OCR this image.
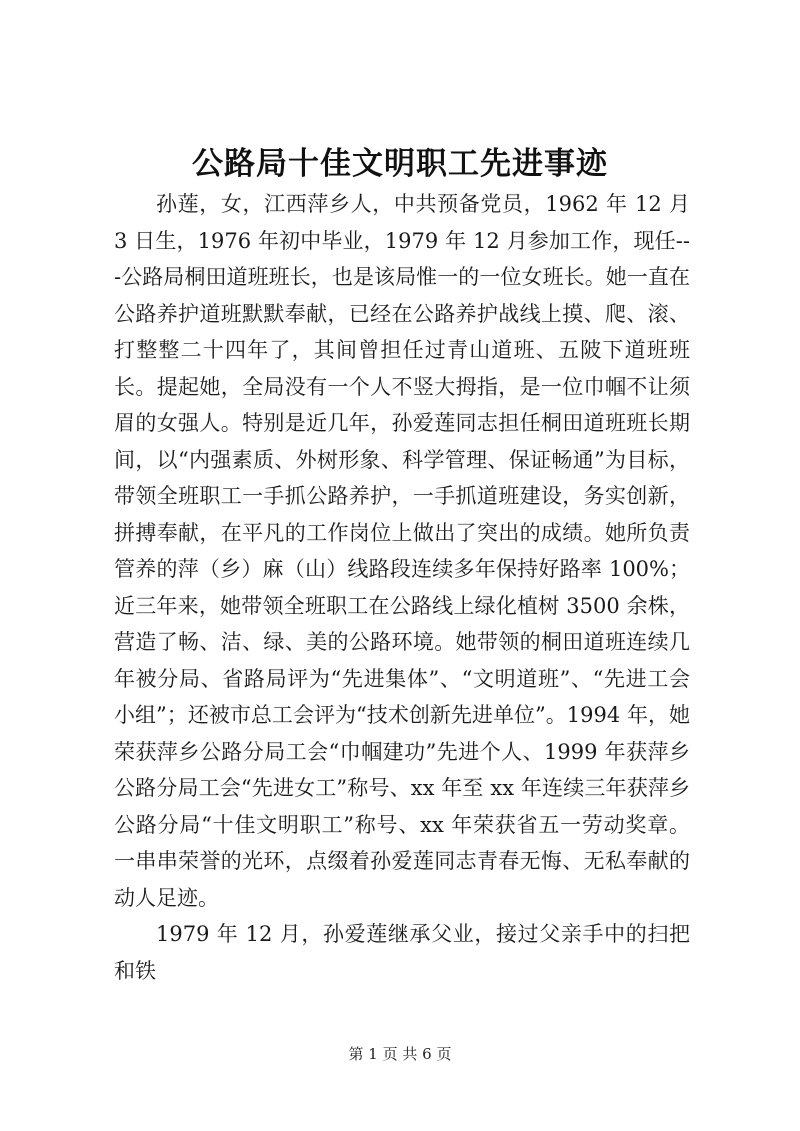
公路局十佳文明职工先进事迹

孙莲，女，江西萍乡人，中共预备党员，1962 年 12 月 3 日生，1976 年初中毕业，1979 年 12 月参加工作，现任---公路局桐田道班班长，也是该局惟一的一位女班长。她一直在公路养护道班默默奉献，已经在公路养护战线上摸、爬、滚、打整整二十四年了，其间曾担任过青山道班、五陂下道班班长。提起她，全局没有一个人不竖大拇指，是一位巾帼不让须眉的女强人。特别是近几年，孙爱莲同志担任桐田道班班长期间，以“内强素质、外树形象、科学管理、保证畅通”为目标，带领全班职工一手抓公路养护，一手抓道班建设，务实创新，拼搏奉献，在平凡的工作岗位上做出了突出的成绩。她所负责管养的萍（乡）麻（山）线路段连续多年保持好路率 100%；近三年来，她带领全班职工在公路线上绿化植树 3500 余株，营造了畅、洁、绿、美的公路环境。她带领的桐田道班连续几年被分局、省路局评为“先进集体”、“文明道班”、“先进工会小组”；还被市总工会评为“技术创新先进单位”。1994 年，她荣获萍乡公路分局工会“巾帼建功”先进个人、1999 年获萍乡公路分局工会“先进女工”称号、xx 年至 xx 年连续三年获萍乡公路分局“十佳文明职工”称号、xx 年荣获省五一劳动奖章。一串串荣誉的光环，点缀着孙爱莲同志青春无悔、无私奉献的动人足迹。

1979 年 12 月，孙爱莲继承父业，接过父亲手中的扫把和铁

第 1 页 共 6 页
